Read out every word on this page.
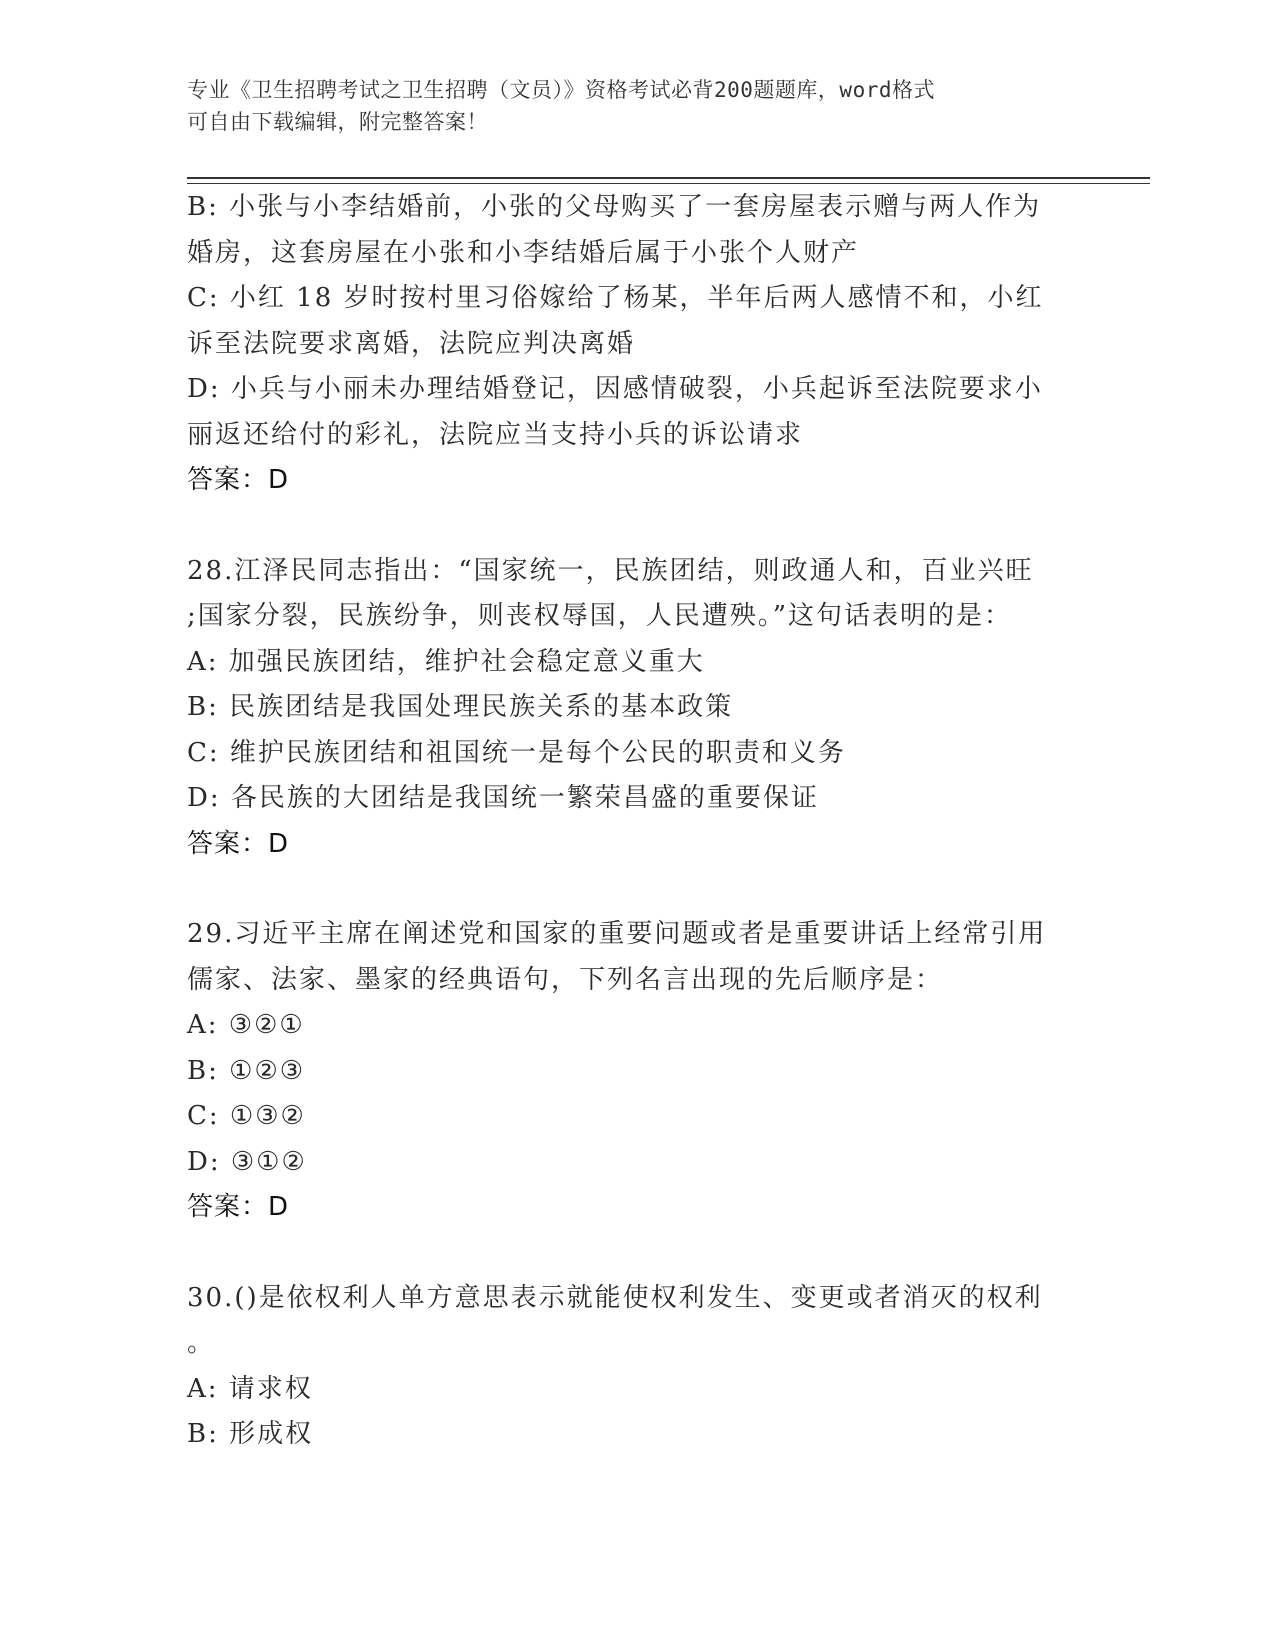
专业《卫生招聘考试之卫生招聘（文员）》资格考试必背200题题库，word格式
可自由下载编辑，附完整答案！
B: 小张与小李结婚前，小张的父母购买了一套房屋表示赠与两人作为
婚房，这套房屋在小张和小李结婚后属于小张个人财产
C: 小红 18 岁时按村里习俗嫁给了杨某，半年后两人感情不和，小红
诉至法院要求离婚，法院应判决离婚
D: 小兵与小丽未办理结婚登记，因感情破裂，小兵起诉至法院要求小
丽返还给付的彩礼，法院应当支持小兵的诉讼请求
答案：D
28.江泽民同志指出：“国家统一，民族团结，则政通人和，百业兴旺
;国家分裂，民族纷争，则丧权辱国，人民遭殃。”这句话表明的是：
A: 加强民族团结，维护社会稳定意义重大
B: 民族团结是我国处理民族关系的基本政策
C: 维护民族团结和祖国统一是每个公民的职责和义务
D: 各民族的大团结是我国统一繁荣昌盛的重要保证
答案：D
29.习近平主席在阐述党和国家的重要问题或者是重要讲话上经常引用
儒家、法家、墨家的经典语句，下列名言出现的先后顺序是：
A: ③②①
B: ①②③
C: ①③②
D: ③①②
答案：D
30.()是依权利人单方意思表示就能使权利发生、变更或者消灭的权利
。
A: 请求权
B: 形成权
